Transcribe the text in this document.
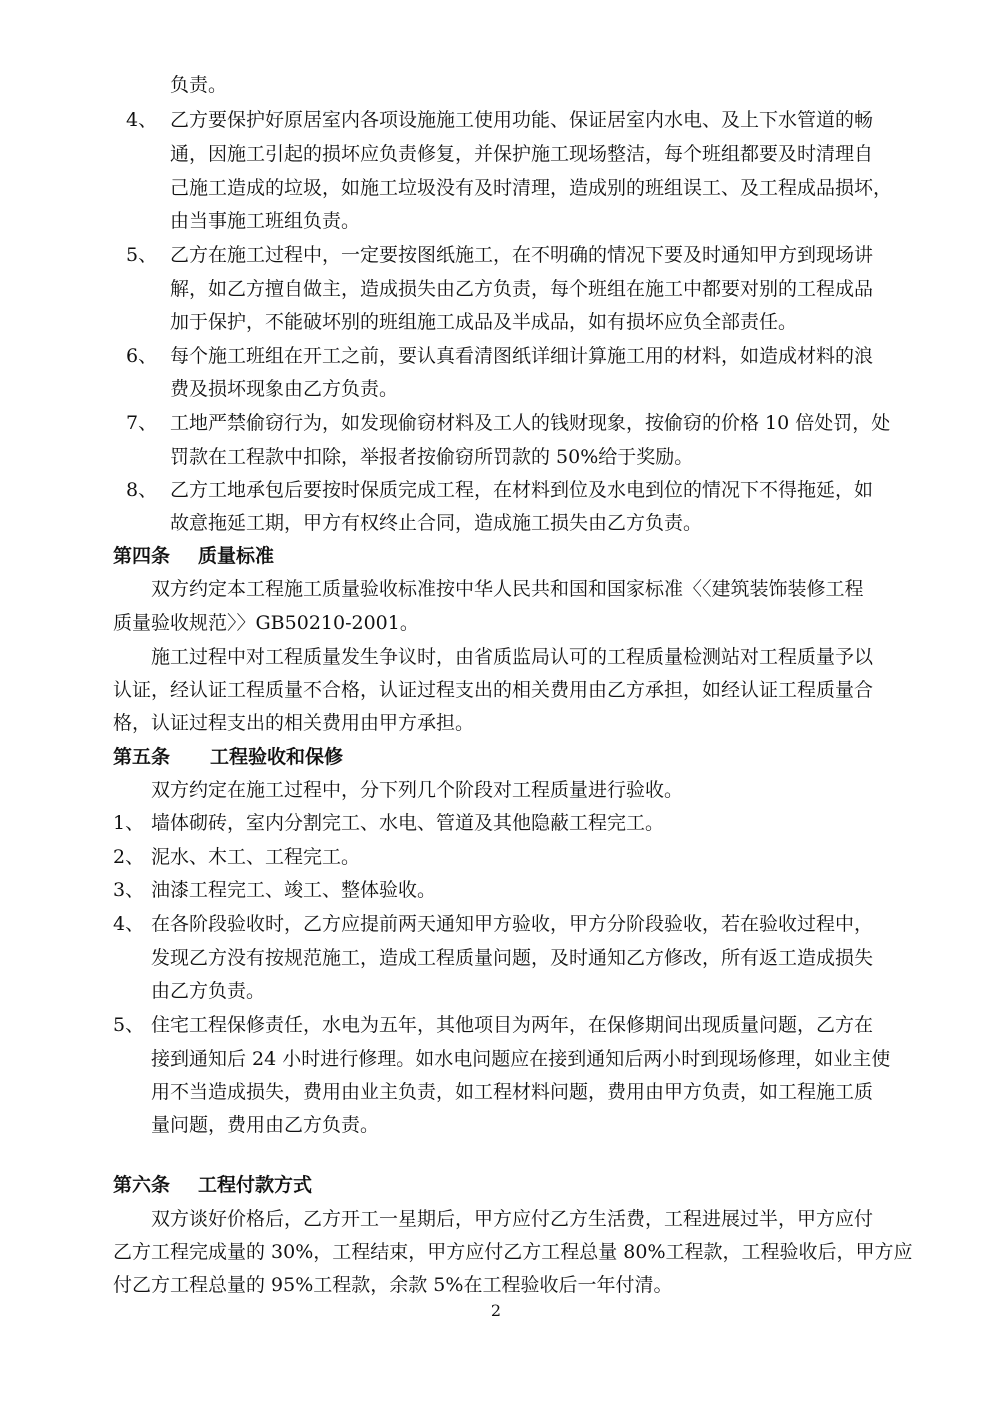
负责。
4、 乙方要保护好原居室内各项设施施工使用功能、保证居室内水电、及上下水管道的畅
通，因施工引起的损坏应负责修复，并保护施工现场整洁，每个班组都要及时清理自
己施工造成的垃圾，如施工垃圾没有及时清理，造成别的班组误工、及工程成品损坏，
由当事施工班组负责。
5、 乙方在施工过程中，一定要按图纸施工，在不明确的情况下要及时通知甲方到现场讲
解，如乙方擅自做主，造成损失由乙方负责，每个班组在施工中都要对别的工程成品
加于保护，不能破坏别的班组施工成品及半成品，如有损坏应负全部责任。
6、 每个施工班组在开工之前，要认真看清图纸详细计算施工用的材料，如造成材料的浪
费及损坏现象由乙方负责。
7、 工地严禁偷窃行为，如发现偷窃材料及工人的钱财现象，按偷窃的价格 10 倍处罚，处
罚款在工程款中扣除，举报者按偷窃所罚款的 50%给于奖励。
8、 乙方工地承包后要按时保质完成工程，在材料到位及水电到位的情况下不得拖延，如
故意拖延工期，甲方有权终止合同，造成施工损失由乙方负责。
第四条 质量标准
双方约定本工程施工质量验收标准按中华人民共和国和国家标准〈〈建筑装饰装修工程
质量验收规范〉〉GB50210-2001。
施工过程中对工程质量发生争议时，由省质监局认可的工程质量检测站对工程质量予以
认证，经认证工程质量不合格，认证过程支出的相关费用由乙方承担，如经认证工程质量合
格，认证过程支出的相关费用由甲方承担。
第五条 工程验收和保修
双方约定在施工过程中，分下列几个阶段对工程质量进行验收。
1、 墙体砌砖，室内分割完工、水电、管道及其他隐蔽工程完工。
2、 泥水、木工、工程完工。
3、 油漆工程完工、竣工、整体验收。
4、 在各阶段验收时，乙方应提前两天通知甲方验收，甲方分阶段验收，若在验收过程中，
发现乙方没有按规范施工，造成工程质量问题，及时通知乙方修改，所有返工造成损失
由乙方负责。
5、 住宅工程保修责任，水电为五年，其他项目为两年，在保修期间出现质量问题，乙方在
接到通知后 24 小时进行修理。如水电问题应在接到通知后两小时到现场修理，如业主使
用不当造成损失，费用由业主负责，如工程材料问题，费用由甲方负责，如工程施工质
量问题，费用由乙方负责。
第六条 工程付款方式
双方谈好价格后，乙方开工一星期后，甲方应付乙方生活费，工程进展过半，甲方应付
乙方工程完成量的 30%，工程结束，甲方应付乙方工程总量 80%工程款，工程验收后，甲方应
付乙方工程总量的 95%工程款，余款 5%在工程验收后一年付清。
2
